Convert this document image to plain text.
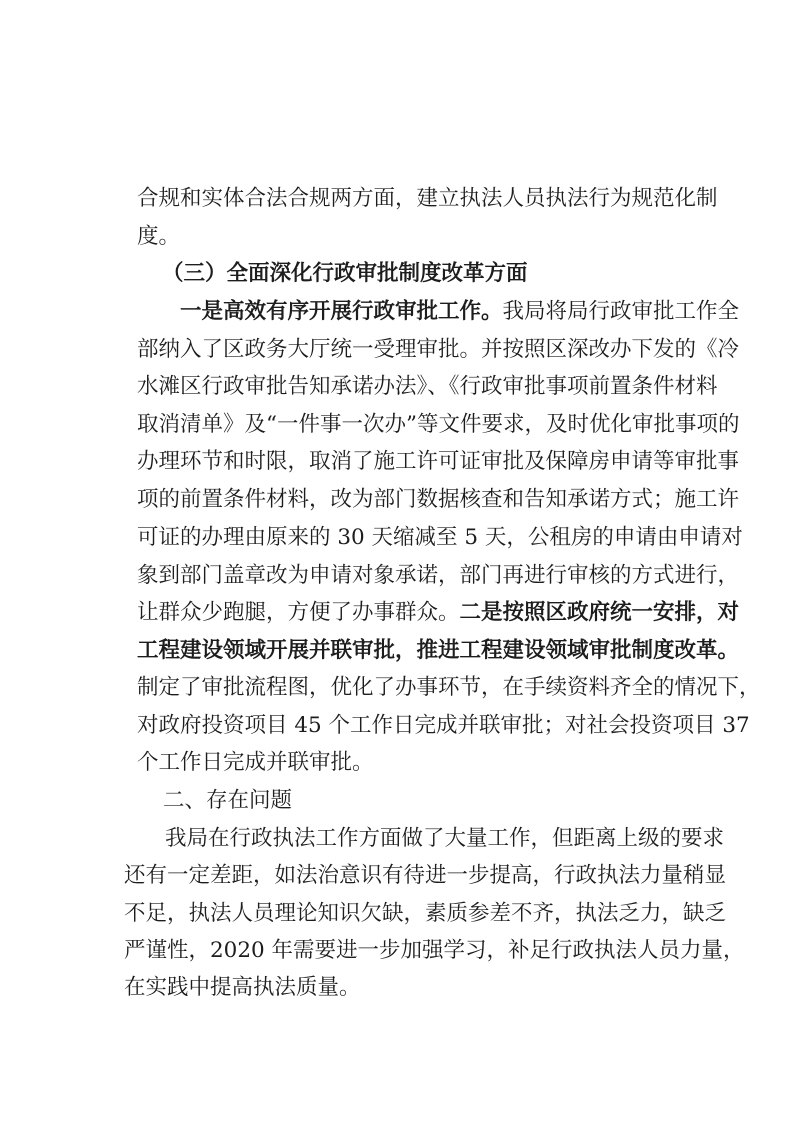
合规和实体合法合规两方面，建立执法人员执法行为规范化制

度。

（三）全面深化行政审批制度改革方面

一是高效有序开展行政审批工作。我局将局行政审批工作全

部纳入了区政务大厅统一受理审批。并按照区深改办下发的《冷

水滩区行政审批告知承诺办法》、《行政审批事项前置条件材料

取消清单》及“一件事一次办”等文件要求，及时优化审批事项的

办理环节和时限，取消了施工许可证审批及保障房申请等审批事

项的前置条件材料，改为部门数据核查和告知承诺方式；施工许

可证的办理由原来的 30 天缩减至 5 天，公租房的申请由申请对

象到部门盖章改为申请对象承诺，部门再进行审核的方式进行，

让群众少跑腿，方便了办事群众。二是按照区政府统一安排，对

工程建设领域开展并联审批，推进工程建设领域审批制度改革。

制定了审批流程图，优化了办事环节，在手续资料齐全的情况下，

对政府投资项目 45 个工作日完成并联审批；对社会投资项目 37

个工作日完成并联审批。

二、存在问题

我局在行政执法工作方面做了大量工作，但距离上级的要求

还有一定差距，如法治意识有待进一步提高，行政执法力量稍显

不足，执法人员理论知识欠缺，素质参差不齐，执法乏力，缺乏

严谨性，2020 年需要进一步加强学习，补足行政执法人员力量，

在实践中提高执法质量。
